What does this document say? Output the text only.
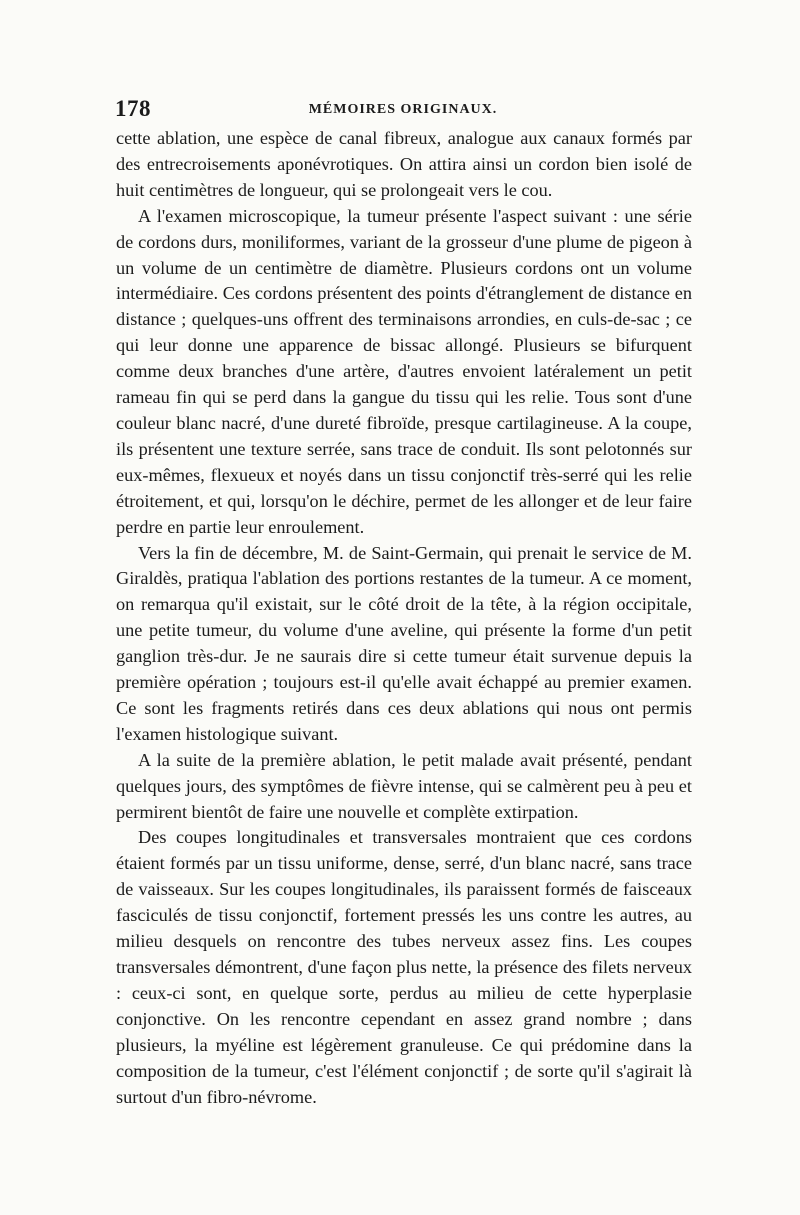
178	MÉMOIRES ORIGINAUX.

cette ablation, une espèce de canal fibreux, analogue aux canaux formés par des entrecroisements aponévrotiques. On attira ainsi un cordon bien isolé de huit centimètres de longueur, qui se prolongeait vers le cou.

A l'examen microscopique, la tumeur présente l'aspect suivant : une série de cordons durs, moniliformes, variant de la grosseur d'une plume de pigeon à un volume de un centimètre de diamètre. Plusieurs cordons ont un volume intermédiaire. Ces cordons présentent des points d'étranglement de distance en distance ; quelques-uns offrent des terminaisons arrondies, en culs-de-sac ; ce qui leur donne une apparence de bissac allongé. Plusieurs se bifurquent comme deux branches d'une artère, d'autres envoient latéralement un petit rameau fin qui se perd dans la gangue du tissu qui les relie. Tous sont d'une couleur blanc nacré, d'une dureté fibroïde, presque cartilagineuse. A la coupe, ils présentent une texture serrée, sans trace de conduit. Ils sont pelotonnés sur eux-mêmes, flexueux et noyés dans un tissu conjonctif très-serré qui les relie étroitement, et qui, lorsqu'on le déchire, permet de les allonger et de leur faire perdre en partie leur enroulement.

Vers la fin de décembre, M. de Saint-Germain, qui prenait le service de M. Giraldès, pratiqua l'ablation des portions restantes de la tumeur. A ce moment, on remarqua qu'il existait, sur le côté droit de la tête, à la région occipitale, une petite tumeur, du volume d'une aveline, qui présente la forme d'un petit ganglion très-dur. Je ne saurais dire si cette tumeur était survenue depuis la première opération ; toujours est-il qu'elle avait échappé au premier examen. Ce sont les fragments retirés dans ces deux ablations qui nous ont permis l'examen histologique suivant.

A la suite de la première ablation, le petit malade avait présenté, pendant quelques jours, des symptômes de fièvre intense, qui se calmèrent peu à peu et permirent bientôt de faire une nouvelle et complète extirpation.

Des coupes longitudinales et transversales montraient que ces cordons étaient formés par un tissu uniforme, dense, serré, d'un blanc nacré, sans trace de vaisseaux. Sur les coupes longitudinales, ils paraissent formés de faisceaux fasciculés de tissu conjonctif, fortement pressés les uns contre les autres, au milieu desquels on rencontre des tubes nerveux assez fins. Les coupes transversales démontrent, d'une façon plus nette, la présence des filets nerveux : ceux-ci sont, en quelque sorte, perdus au milieu de cette hyperplasie conjonctive. On les rencontre cependant en assez grand nombre ; dans plusieurs, la myéline est légèrement granuleuse. Ce qui prédomine dans la composition de la tumeur, c'est l'élément conjonctif ; de sorte qu'il s'agirait là surtout d'un fibro-névrome.
